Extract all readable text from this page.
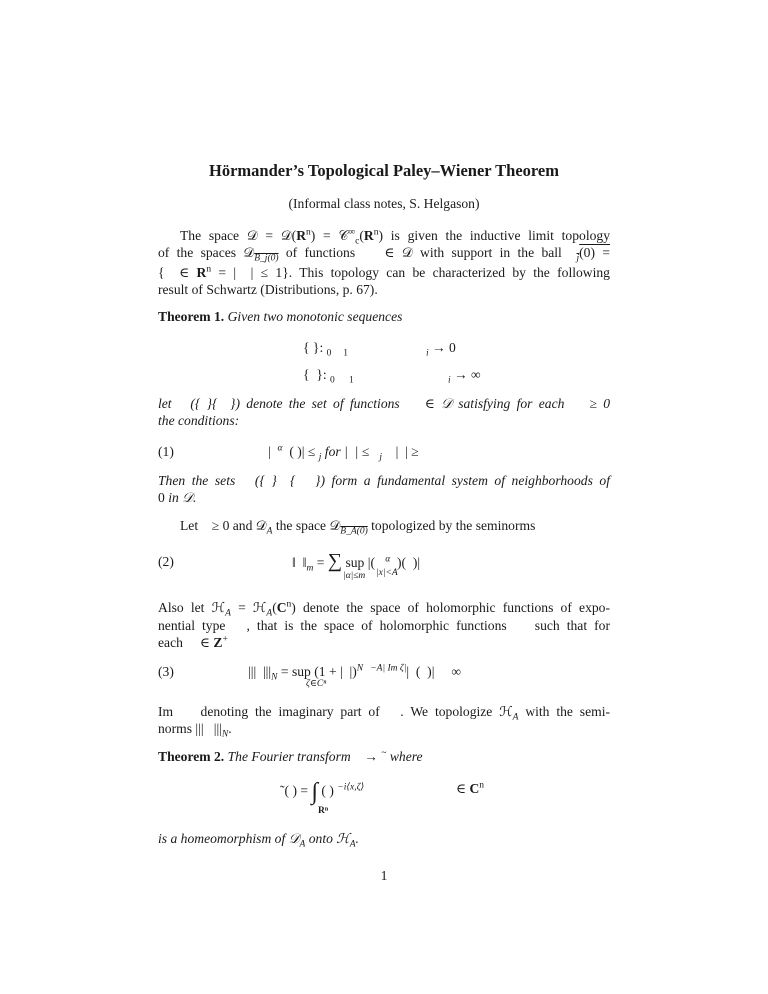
Hörmander’s Topological Paley–Wiener Theorem
(Informal class notes, S. Helgason)
The space 𝒟 = $𝒟(R^n)$ = $𝒞^\infty_c(R^n)$ is given the inductive limit topology
of the spaces 𝒟$_{B\_j(0)}$ of functions    ∈ 𝒟 with support in the ball  $_j$(0) =
{  ∈ $R^n$ = |  | ≤ 1}. This topology can be characterized by the following
result of Schwartz (Distributions, p. 67).
Theorem 1. Given two monotonic sequences
{ }: $_{0 1}$	$_i$ → 0
{  }: $_{0 1}$	$_i$ → ∞
let   ({ }{  }) denote the set of functions    ∈ 𝒟 satisfying for each    ≥ 0
the conditions:
(1)	|  $^\alpha$  ( )| ≤ $_j$ for |  | ≤   $_j$    |  | ≥
Then the sets   ({ }  {   }) form a fundamental system of neighborhoods of
0 in 𝒟.
Let    ≥ 0 and 𝒟$_A$ the space 𝒟$_{B\_A(0)}$ topologized by the seminorms
(2)	‖  $‖_m$ = ∑ sup |(   $^\alpha$  )(  )|
|α|≤m |x|<A
Also let ℋ$_A$ = $ℋ_A(C^n)$ denote the space of holomorphic functions of expo-
nential type   , that is the space of holomorphic functions    such that for
each     ∈ Z+
(3)	|||  $|||_N$ = sup (1 + |  |)$^{N -A| Im \zeta|}$|  (  )|     ∞
ζ∈Cⁿ
Im    denoting the imaginary part of   . We topologize ℋ$_A$ with the semi-
norms |||   $|||_N$.
Theorem 2. The Fourier transform    → ~ where
˜( ) = ∫ ( ) $^{-i⟨x,\zeta⟩}$
Rⁿ
∈ $C^n$
is a homeomorphism of 𝒟$_A$ onto ℋ$_A$.
1
